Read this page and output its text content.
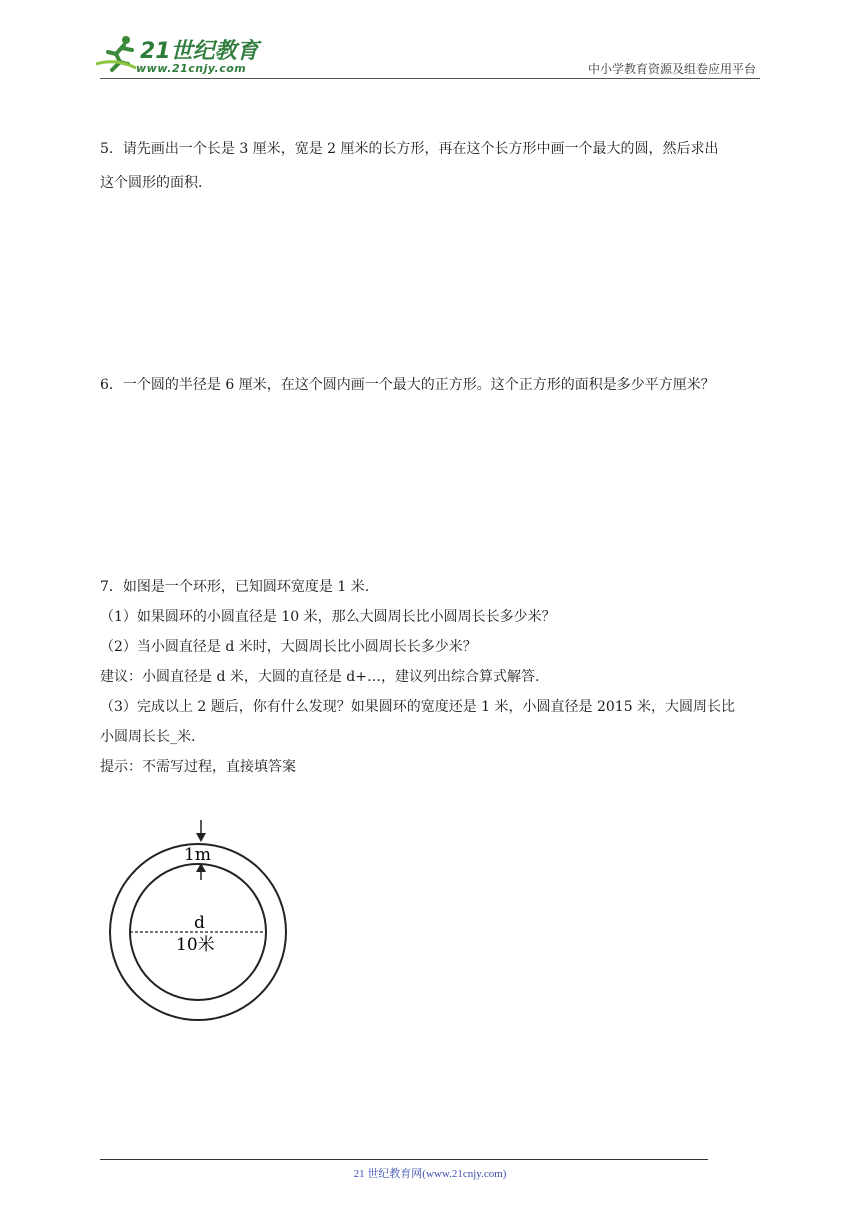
21世纪教育
www.21cnjy.com	中小学教育资源及组卷应用平台

5．请先画出一个长是 3 厘米，宽是 2 厘米的长方形，再在这个长方形中画一个最大的圆，然后求出

这个圆形的面积.

6．一个圆的半径是 6 厘米，在这个圆内画一个最大的正方形。这个正方形的面积是多少平方厘米？

7．如图是一个环形，已知圆环宽度是 1 米.

（1）如果圆环的小圆直径是 10 米，那么大圆周长比小圆周长长多少米？

（2）当小圆直径是 d 米时，大圆周长比小圆周长长多少米？

建议：小圆直径是 d 米，大圆的直径是 d+…，建议列出综合算式解答.

（3）完成以上 2 题后，你有什么发现？如果圆环的宽度还是 1 米，小圆直径是 2015 米，大圆周长比

小圆周长长_米.

提示：不需写过程，直接填答案

1m
d
10米
21 世纪教育网(www.21cnjy.com)
